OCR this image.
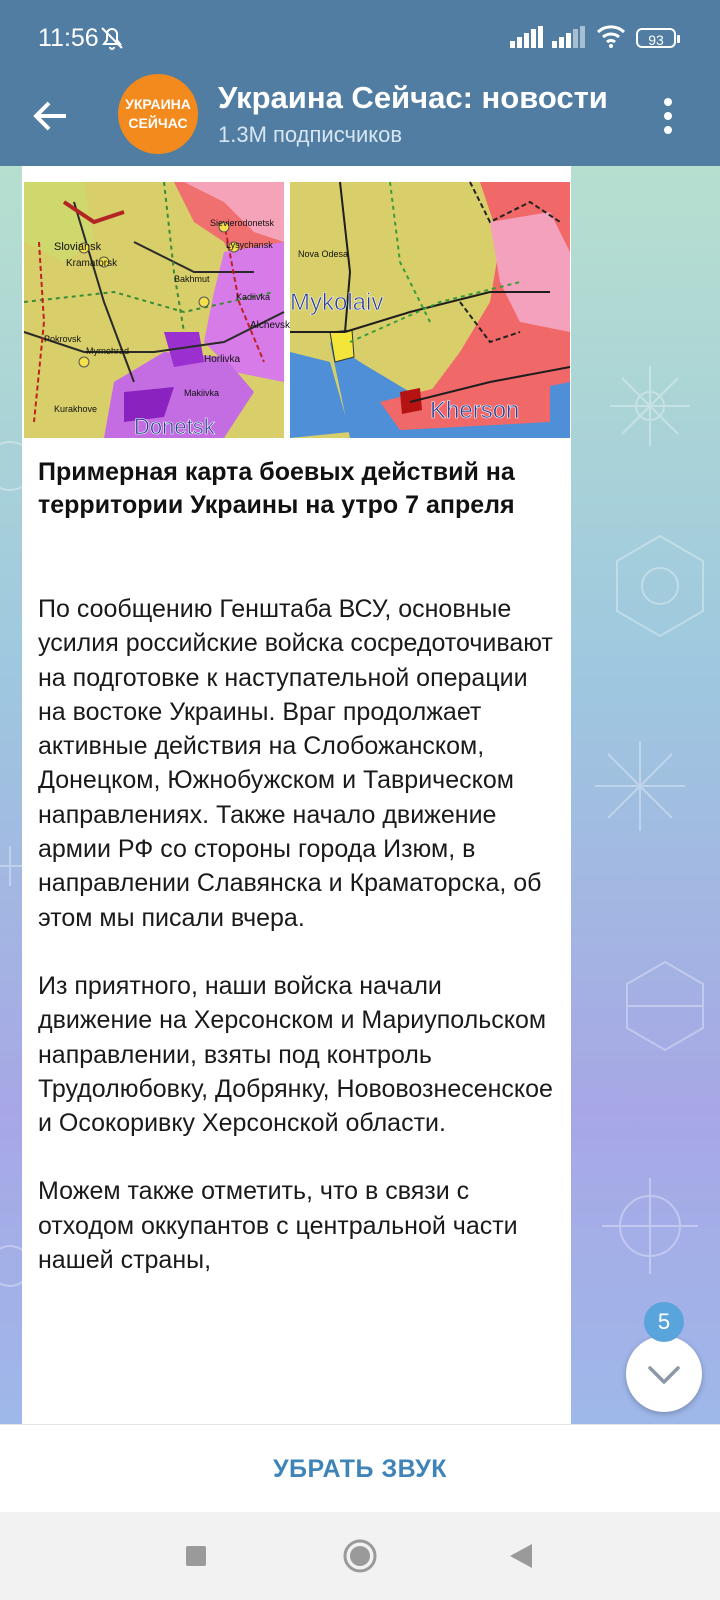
11:56	93
УКРАИНА
СЕЙЧАС
Украина Сейчас: новости
1.3M подписчиков
Sloviansk
Kramatorsk
Sievierodonetsk
Lysychansk
Kadiivka
Alchevsk
Horlivka
Makiivka
Myrnohrad
Pokrovsk
Kurakhove
Bakhmut
Donetsk
Nova Odesa
Mykolaiv
Kherson
Примерная карта боевых действий на территории Украины на утро 7 апреля

По сообщению Генштаба ВСУ, основные усилия российские войска сосредоточивают на подготовке к наступательной операции на востоке Украины. Враг продолжает активные действия на Слобожанском, Донецком, Южнобужском и Таврическом направлениях. Также начало движение армии РФ со стороны города Изюм, в направлении Славянска и Краматорска, об этом мы писали вчера.

Из приятного, наши войска начали движение на Херсонском и Мариупольском направлении, взяты под контроль Трудолюбовку, Добрянку, Нововознесенское и Осокоривку Херсонской области.

Можем также отметить, что в связи с отходом оккупантов с центральной части нашей страны,

5
УБРАТЬ ЗВУК
